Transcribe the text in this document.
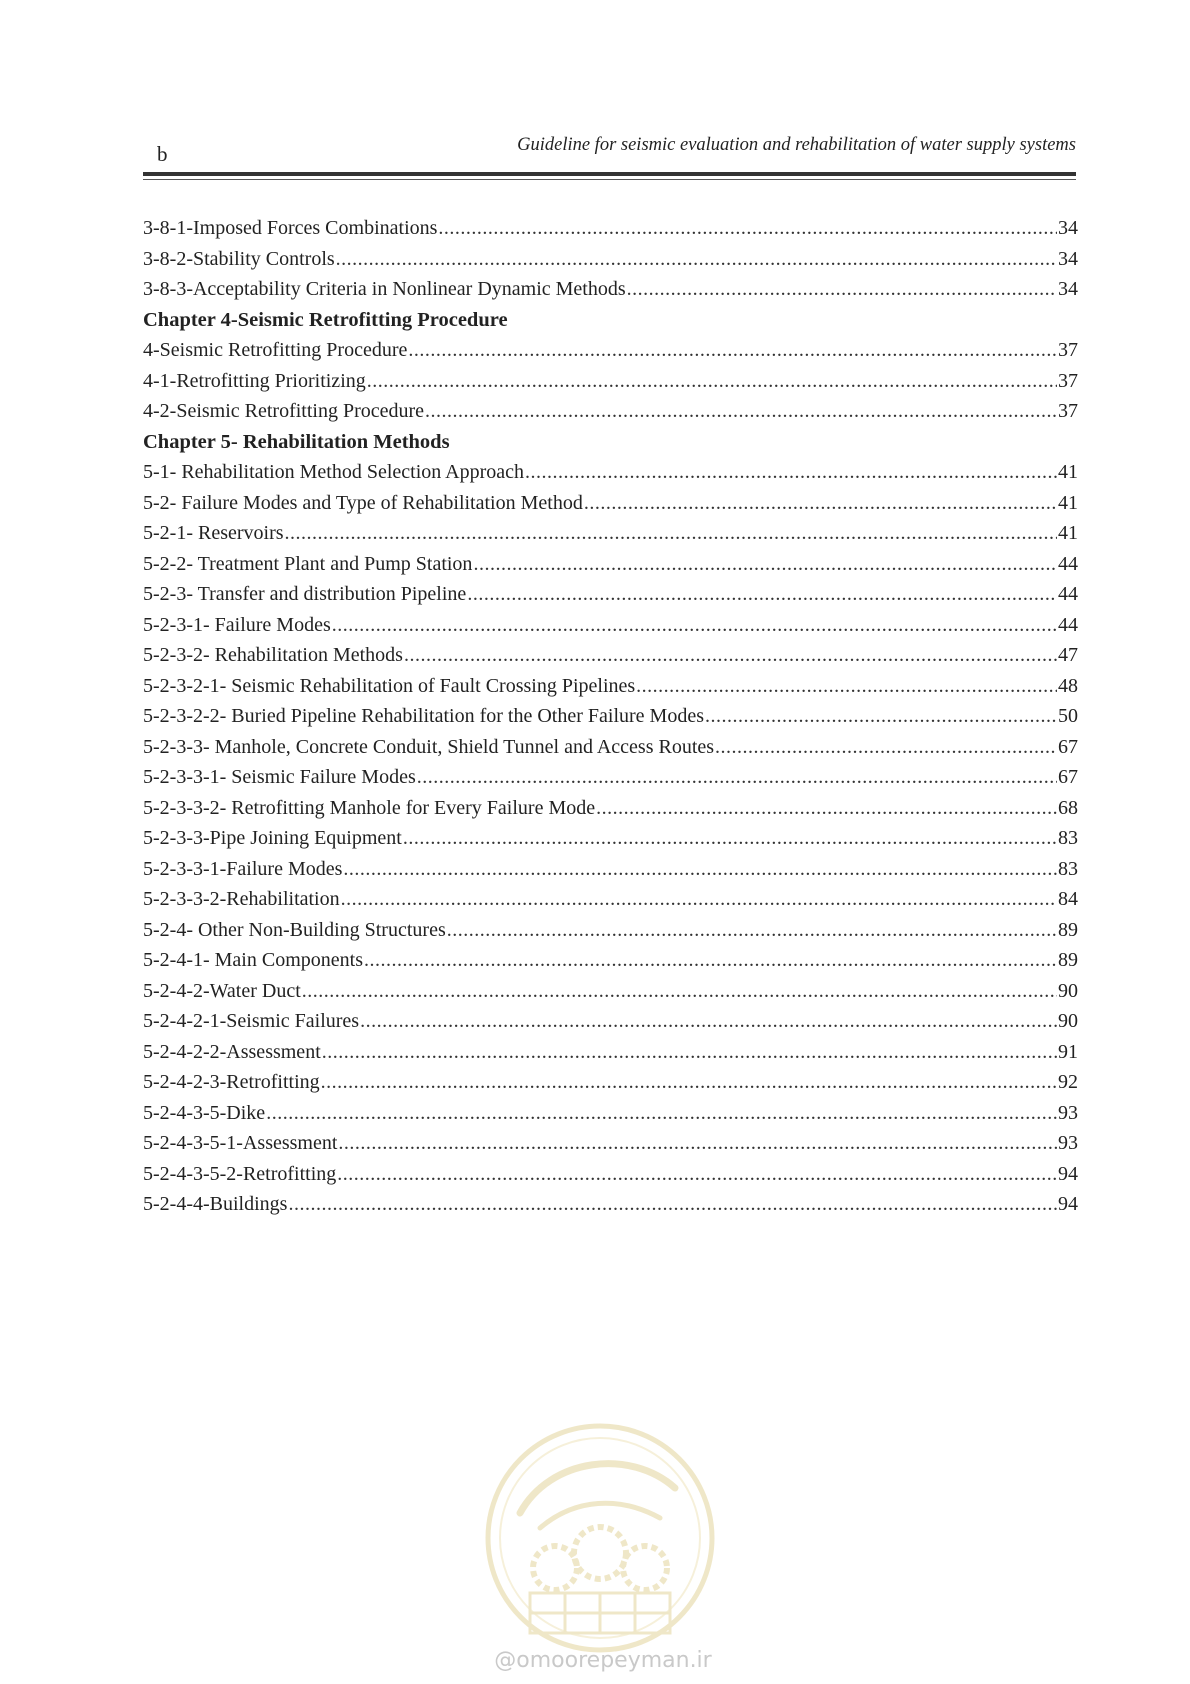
b	Guideline for seismic evaluation and rehabilitation of water supply systems
3-8-1-Imposed Forces Combinations .....	34
3-8-2-Stability Controls .....	34
3-8-3-Acceptability Criteria in Nonlinear Dynamic Methods .....	34
Chapter 4-Seismic Retrofitting Procedure
4-Seismic Retrofitting Procedure .....	37
4-1-Retrofitting Prioritizing .....	37
4-2-Seismic Retrofitting Procedure .....	37
Chapter 5- Rehabilitation Methods
5-1- Rehabilitation Method Selection Approach .....	41
5-2- Failure Modes and Type of Rehabilitation Method .....	41
5-2-1- Reservoirs .....	41
5-2-2- Treatment Plant and Pump Station .....	44
5-2-3- Transfer and distribution Pipeline .....	44
5-2-3-1- Failure Modes .....	44
5-2-3-2- Rehabilitation Methods .....	47
5-2-3-2-1- Seismic Rehabilitation of Fault Crossing Pipelines .....	48
5-2-3-2-2- Buried Pipeline Rehabilitation for the Other Failure Modes .....	50
5-2-3-3- Manhole, Concrete Conduit, Shield Tunnel and Access Routes .....	67
5-2-3-3-1- Seismic Failure Modes .....	67
5-2-3-3-2- Retrofitting Manhole for Every Failure Mode .....	68
5-2-3-3-Pipe Joining Equipment .....	83
5-2-3-3-1-Failure Modes .....	83
5-2-3-3-2-Rehabilitation .....	84
5-2-4- Other Non-Building Structures .....	89
5-2-4-1- Main Components .....	89
5-2-4-2-Water Duct .....	90
5-2-4-2-1-Seismic Failures .....	90
5-2-4-2-2-Assessment .....	91
5-2-4-2-3-Retrofitting .....	92
5-2-4-3-5-Dike .....	93
5-2-4-3-5-1-Assessment .....	93
5-2-4-3-5-2-Retrofitting .....	94
5-2-4-4-Buildings .....	94
@omoorepeyman.ir
